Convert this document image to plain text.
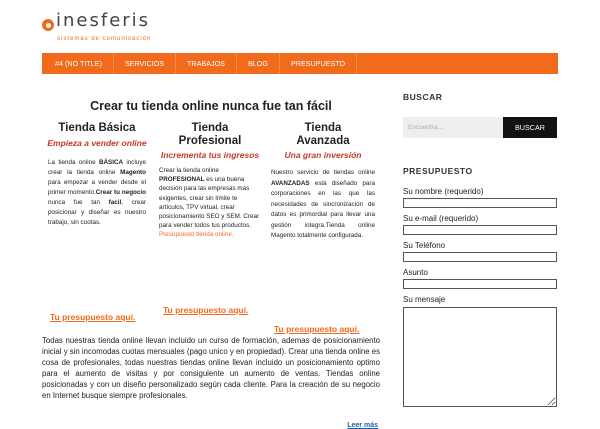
inesferis
sistemas de comunicación
#4 (NO TITLE)	SERVICIOS	TRABAJOS	BLOG	PRESUPUESTO
Crear tu tienda online nunca fue tan fácil
Tienda Básica
Empieza a vender online

La tienda online BÁSICA incluye crear la tienda online Magento para empezar a vender desde el primer momento.Crear tu negocio nunca fue tan facil, crear posicionar y diseñar es nuestro trabajo, sin cuotas.

Tienda
Profesional
Incrementa tus ingresos

Crear la tienda online PROFESIONAL es una buena decisión para las empresas más exigentes, crear sin límite te artículos, TPV virtual, crear posicionamiento SEO y SEM. Crear para vender todos tus productos.
Presupuesto tienda online.

Tienda
Avanzada
Una gran inversión

Nuestro servicio de tiendas online AVANZADAS está diseñado para corporaciones en las que las necesidades de sincronización de datos es primordial para llevar una gestión integra.Tienda online Magento totalmente configurada.

Tu presupuesto aquí.
Tu presupuesto aquí.
Tu presupuesto aquí.

Todas nuestras tienda online llevan incluido un curso de formación, ademas de posicionamiento inicial y sin incomodas cuotas mensuales (pago unico y en propiedad). Crear una tienda online es cosa de profesionales, todas nuestras tiendas online llevan incluido un posicionamiento optimo para el aumento de visitas y por consiguiente un aumento de ventas. Tiendas online posicionadas y con un diseño personalizado según cada cliente. Para la creación de su negocio en Internet busque siempre profesionales.

Leer más
BUSCAR
Encuentra...
BUSCAR
PRESUPUESTO
Su nombre (requerido)
Su e-mail (requerido)
Su Teléfono
Asunto
Su mensaje
